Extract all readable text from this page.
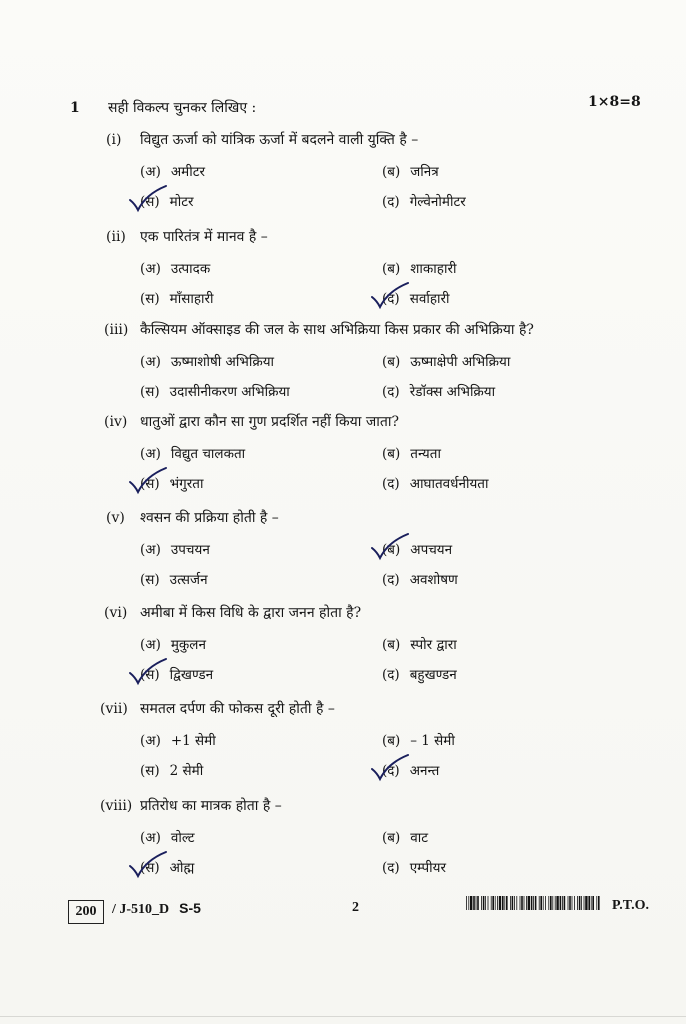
1 सही विकल्प चुनकर लिखिए :	1×8=8
(i) विद्युत ऊर्जा को यांत्रिक ऊर्जा में बदलने वाली युक्ति है –
(अ) अमीटर	(ब) जनित्र
(स) मोटर	(द) गेल्वेनोमीटर
(ii) एक पारितंत्र में मानव है –
(अ) उत्पादक	(ब) शाकाहारी
(स) माँसाहारी	(द) सर्वाहारी
(iii) कैल्सियम ऑक्साइड की जल के साथ अभिक्रिया किस प्रकार की अभिक्रिया है?
(अ) ऊष्माशोषी अभिक्रिया	(ब) ऊष्माक्षेपी अभिक्रिया
(स) उदासीनीकरण अभिक्रिया	(द) रेडॉक्स अभिक्रिया
(iv) धातुओं द्वारा कौन सा गुण प्रदर्शित नहीं किया जाता?
(अ) विद्युत चालकता	(ब) तन्यता
(स) भंगुरता	(द) आघातवर्धनीयता
(v) श्वसन की प्रक्रिया होती है –
(अ) उपचयन	(ब) अपचयन
(स) उत्सर्जन	(द) अवशोषण
(vi) अमीबा में किस विधि के द्वारा जनन होता है?
(अ) मुकुलन	(ब) स्पोर द्वारा
(स) द्विखण्डन	(द) बहुखण्डन
(vii) समतल दर्पण की फोकस दूरी होती है –
(अ) +1 सेमी	(ब) – 1 सेमी
(स) 2 सेमी	(द) अनन्त
(viii) प्रतिरोध का मात्रक होता है –
(अ) वोल्ट	(ब) वाट
(स) ओह्म	(द) एम्पीयर
200	/ J-510_D S-5	2	P.T.O.
